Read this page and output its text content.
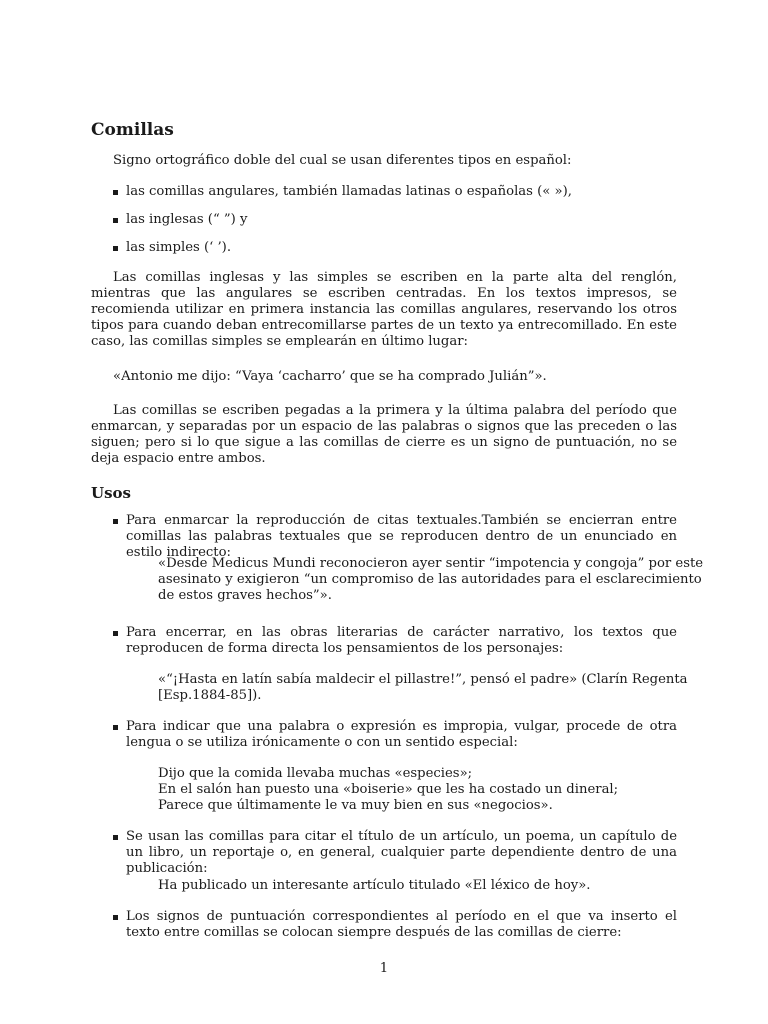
Comillas

Signo ortográfico doble del cual se usan diferentes tipos en español:

las comillas angulares, también llamadas latinas o españolas (« »),
las inglesas (“ ”) y
las simples (‘ ’).

Las comillas inglesas y las simples se escriben en la parte alta del renglón, mientras que las angulares se escriben centradas. En los textos impresos, se recomienda utilizar en primera instancia las comillas angulares, reservando los otros tipos para cuando deban entrecomillarse partes de un texto ya entrecomillado. En este caso, las comillas simples se emplearán en último lugar:

«Antonio me dijo: “Vaya ‘cacharro’ que se ha comprado Julián”».

Las comillas se escriben pegadas a la primera y la última palabra del período que enmarcan, y separadas por un espacio de las palabras o signos que las preceden o las siguen; pero si lo que sigue a las comillas de cierre es un signo de puntuación, no se deja espacio entre ambos.

Usos
Para enmarcar la reproducción de citas textuales.También se encierran entre comillas las palabras textuales que se reproducen dentro de un enunciado en estilo indirecto:
«Desde Medicus Mundi reconocieron ayer sentir “impotencia y congoja” por este
asesinato y exigieron “un compromiso de las autoridades para el esclarecimiento
de estos graves hechos”».
Para encerrar, en las obras literarias de carácter narrativo, los textos que reproducen de forma directa los pensamientos de los personajes:
«“¡Hasta en latín sabía maldecir el pillastre!”, pensó el padre» (Clarín Regenta
[Esp.1884-85]).
Para indicar que una palabra o expresión es impropia, vulgar, procede de otra lengua o se utiliza irónicamente o con un sentido especial:
Dijo que la comida llevaba muchas «especies»;
En el salón han puesto una «boiserie» que les ha costado un dineral;
Parece que últimamente le va muy bien en sus «negocios».
Se usan las comillas para citar el título de un artículo, un poema, un capítulo de un libro, un reportaje o, en general, cualquier parte dependiente dentro de una publicación:
Ha publicado un interesante artículo titulado «El léxico de hoy».
Los signos de puntuación correspondientes al período en el que va inserto el texto entre comillas se colocan siempre después de las comillas de cierre:
1
